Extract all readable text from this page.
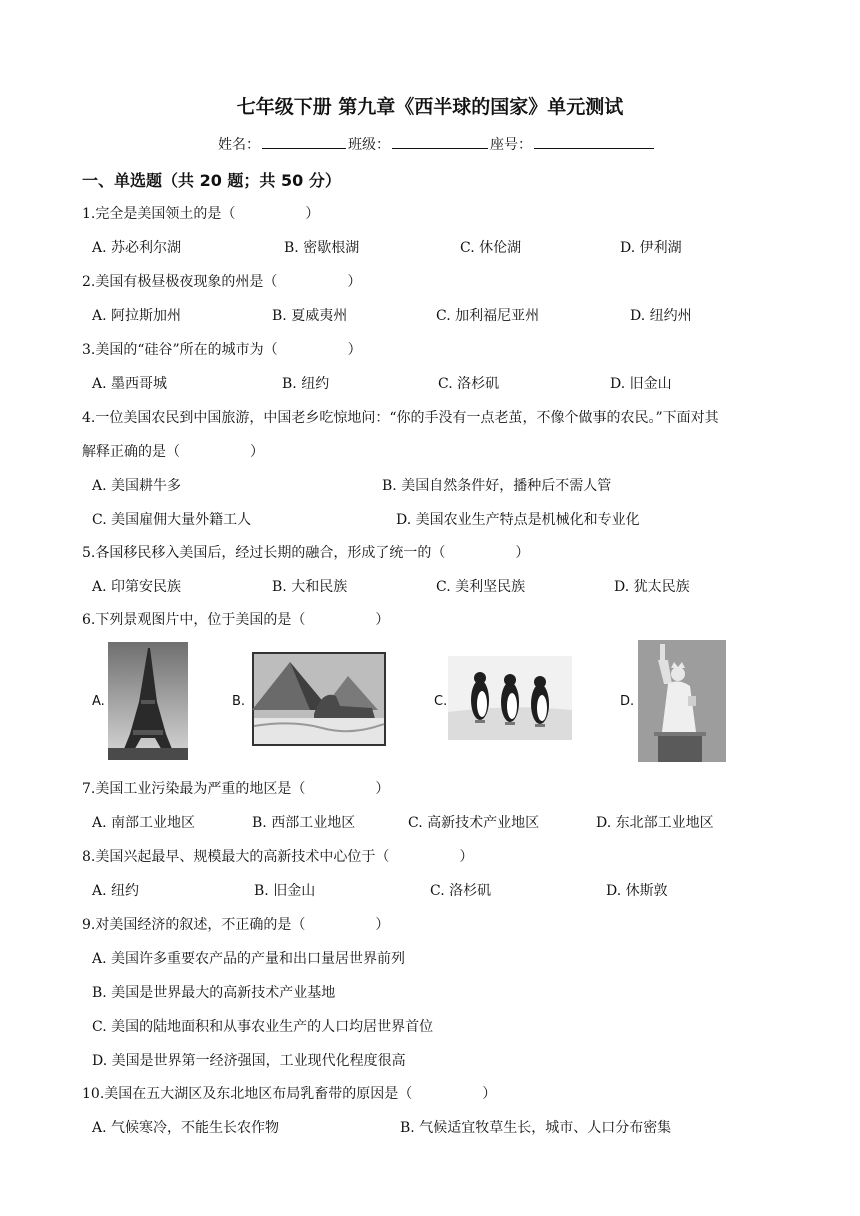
七年级下册 第九章《西半球的国家》单元测试
姓名：	班级：	座号：
一、单选题（共 20 题；共 50 分）
1.完全是美国领土的是（　　　　　）
A. 苏必利尔湖	B. 密歇根湖	C. 休伦湖	D. 伊利湖
2.美国有极昼极夜现象的州是（　　　　　）
A. 阿拉斯加州	B. 夏威夷州	C. 加利福尼亚州	D. 纽约州
3.美国的“硅谷”所在的城市为（　　　　　）
A. 墨西哥城	B. 纽约	C. 洛杉矶	D. 旧金山
4.一位美国农民到中国旅游，中国老乡吃惊地问：“你的手没有一点老茧，不像个做事的农民。”下面对其
解释正确的是（　　　　　）
A. 美国耕牛多	B. 美国自然条件好，播种后不需人管
C. 美国雇佣大量外籍工人	D. 美国农业生产特点是机械化和专业化
5.各国移民移入美国后，经过长期的融合，形成了统一的（　　　　　）
A. 印第安民族	B. 大和民族	C. 美利坚民族	D. 犹太民族
6.下列景观图片中，位于美国的是（　　　　　）
A.	B.	C.	D.
7.美国工业污染最为严重的地区是（　　　　　）
A. 南部工业地区	B. 西部工业地区	C. 高新技术产业地区	D. 东北部工业地区
8.美国兴起最早、规模最大的高新技术中心位于（　　　　　）
A. 纽约	B. 旧金山	C. 洛杉矶	D. 休斯敦
9.对美国经济的叙述，不正确的是（　　　　　）
A. 美国许多重要农产品的产量和出口量居世界前列
B. 美国是世界最大的高新技术产业基地
C. 美国的陆地面积和从事农业生产的人口均居世界首位
D. 美国是世界第一经济强国，工业现代化程度很高
10.美国在五大湖区及东北地区布局乳畜带的原因是（　　　　　）
A. 气候寒冷，不能生长农作物	B. 气候适宜牧草生长，城市、人口分布密集
